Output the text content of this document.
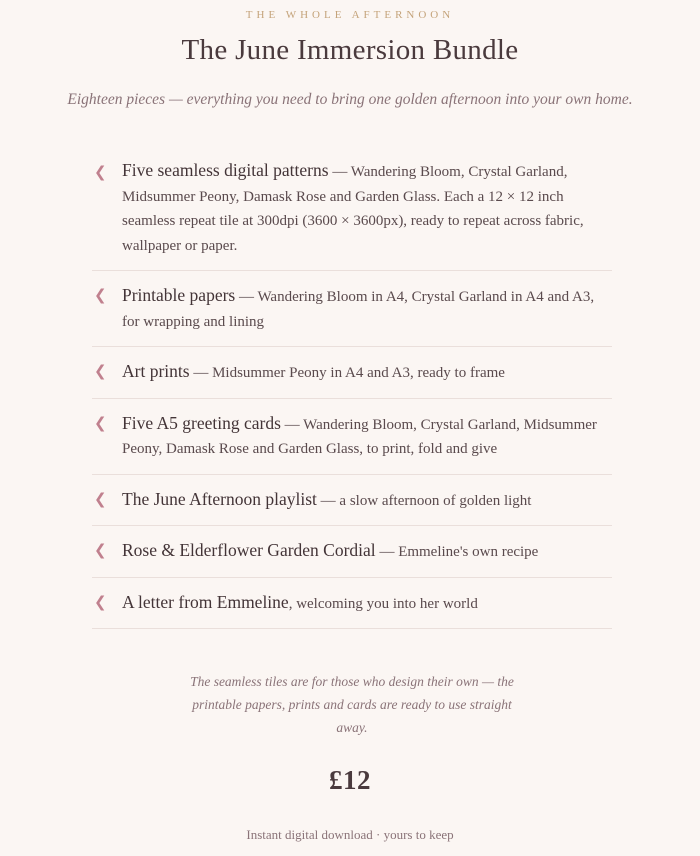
THE WHOLE AFTERNOON
The June Immersion Bundle

Eighteen pieces — everything you need to bring one golden afternoon into your own home.

❮ Five seamless digital patterns — Wandering Bloom, Crystal Garland, Midsummer Peony, Damask Rose and Garden Glass. Each a 12 × 12 inch seamless repeat tile at 300dpi (3600 × 3600px), ready to repeat across fabric, wallpaper or paper.
❮ Printable papers — Wandering Bloom in A4, Crystal Garland in A4 and A3, for wrapping and lining
❮ Art prints — Midsummer Peony in A4 and A3, ready to frame
❮ Five A5 greeting cards — Wandering Bloom, Crystal Garland, Midsummer Peony, Damask Rose and Garden Glass, to print, fold and give
❮ The June Afternoon playlist — a slow afternoon of golden light
❮ Rose & Elderflower Garden Cordial — Emmeline's own recipe
❮ A letter from Emmeline, welcoming you into her world

The seamless tiles are for those who design their own — the printable papers, prints and cards are ready to use straight away.

£12
Instant digital download · yours to keep
